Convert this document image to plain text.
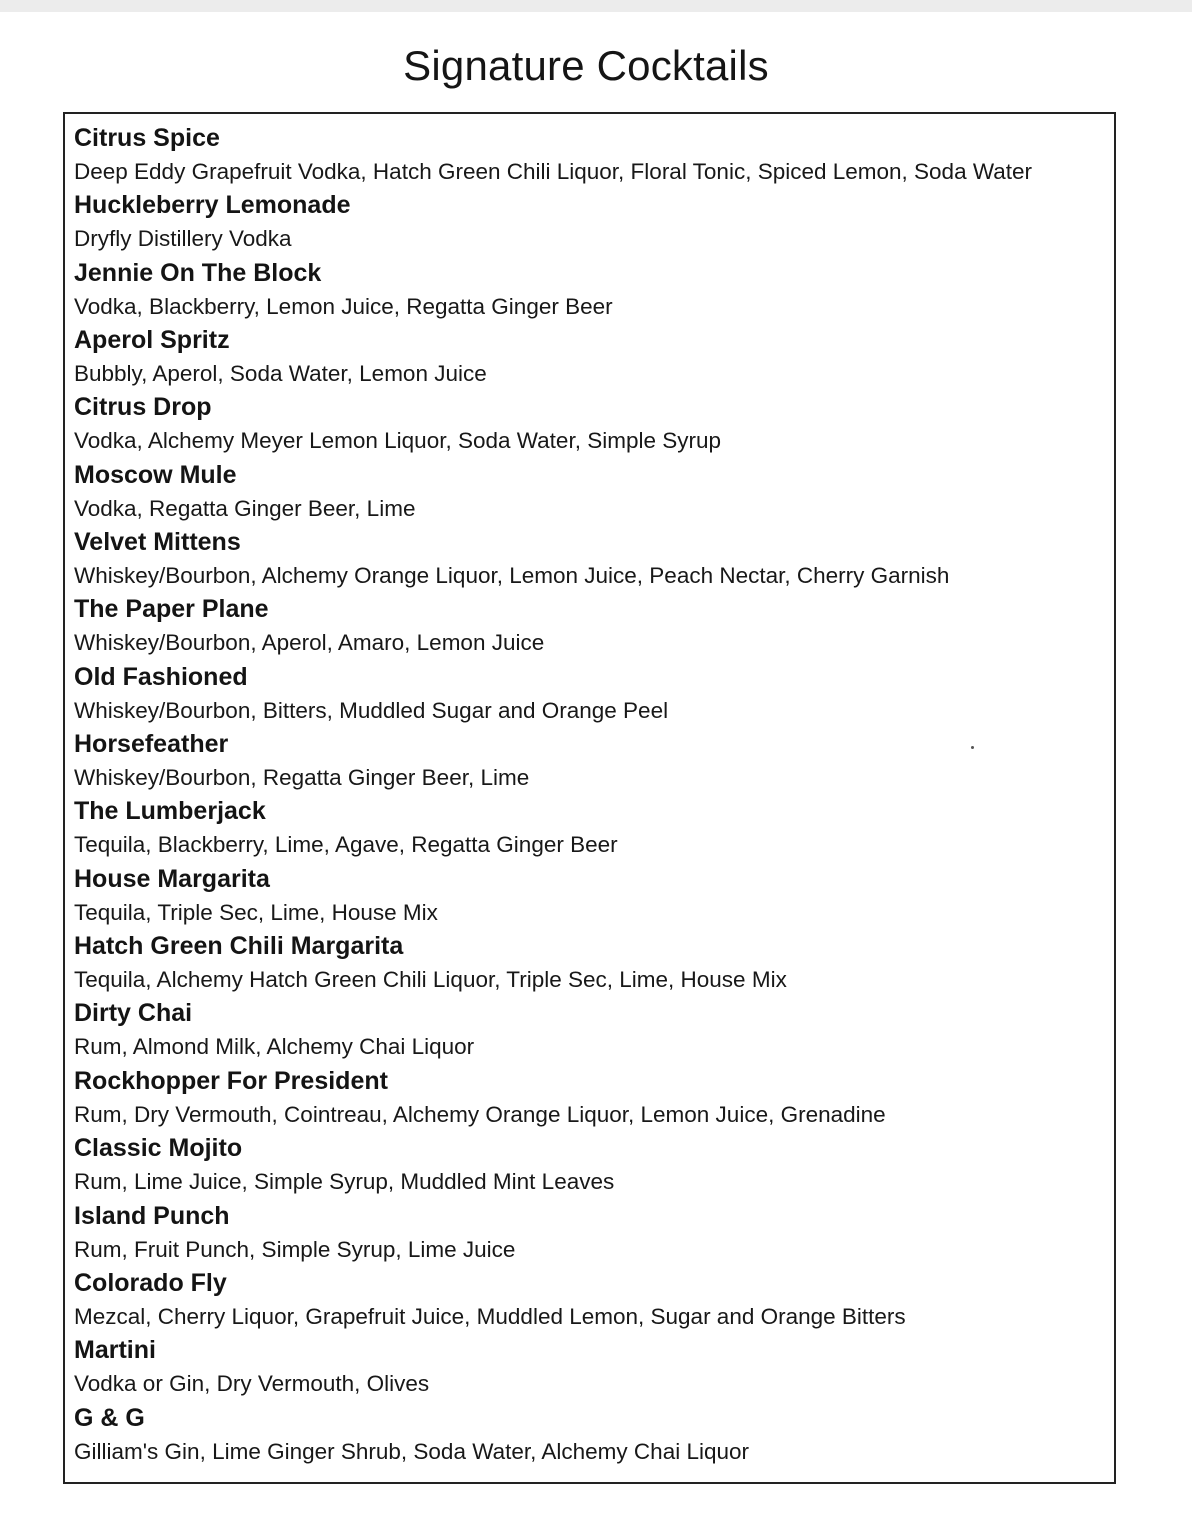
Signature Cocktails
Citrus Spice
Deep Eddy Grapefruit Vodka, Hatch Green Chili Liquor, Floral Tonic, Spiced Lemon, Soda Water
Huckleberry Lemonade
Dryfly Distillery Vodka
Jennie On The Block
Vodka, Blackberry, Lemon Juice, Regatta Ginger Beer
Aperol Spritz
Bubbly, Aperol, Soda Water, Lemon Juice
Citrus Drop
Vodka, Alchemy Meyer Lemon Liquor, Soda Water, Simple Syrup
Moscow Mule
Vodka, Regatta Ginger Beer, Lime
Velvet Mittens
Whiskey/Bourbon, Alchemy Orange Liquor, Lemon Juice, Peach Nectar, Cherry Garnish
The Paper Plane
Whiskey/Bourbon, Aperol, Amaro, Lemon Juice
Old Fashioned
Whiskey/Bourbon, Bitters, Muddled Sugar and Orange Peel
Horsefeather
Whiskey/Bourbon, Regatta Ginger Beer, Lime
The Lumberjack
Tequila, Blackberry, Lime, Agave, Regatta Ginger Beer
House Margarita
Tequila, Triple Sec, Lime, House Mix
Hatch Green Chili Margarita
Tequila, Alchemy Hatch Green Chili Liquor, Triple Sec, Lime, House Mix
Dirty Chai
Rum, Almond Milk, Alchemy Chai Liquor
Rockhopper For President
Rum, Dry Vermouth, Cointreau, Alchemy Orange Liquor, Lemon Juice, Grenadine
Classic Mojito
Rum, Lime Juice, Simple Syrup, Muddled Mint Leaves
Island Punch
Rum, Fruit Punch, Simple Syrup, Lime Juice
Colorado Fly
Mezcal, Cherry Liquor, Grapefruit Juice, Muddled Lemon, Sugar and Orange Bitters
Martini
Vodka or Gin, Dry Vermouth, Olives
G & G
Gilliam's Gin, Lime Ginger Shrub, Soda Water, Alchemy Chai Liquor
